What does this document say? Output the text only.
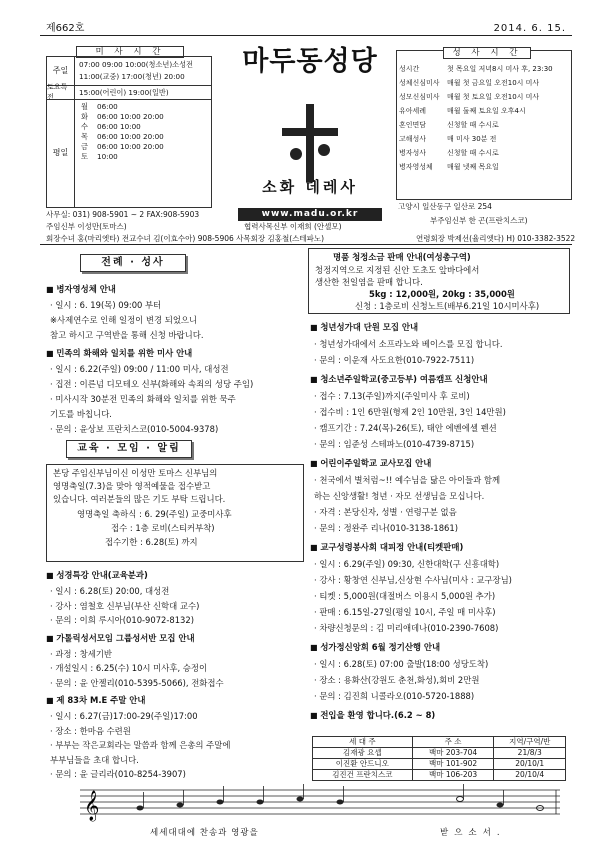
제662호	2014. 6. 15.
미 사 시 간
주일
07:00 09:00 10:00(청소년)소성전
11:00(교중) 17:00(청년) 20:00
토요특전	15:00(어린이) 19:00(일반)
평일
월 06:00
화 06:00 10:00 20:00
수 06:00 10:00
목 06:00 10:00 20:00
금 06:00 10:00 20:00
토 10:00
마두동성당
소화 데레사
www.madu.or.kr
성 사 시 간
성시간	첫 목요일 저녁8시 미사 후, 23:30
성체신심미사	매월 첫 금요일 오전10시 미사
성모신심미사	매월 첫 토요일 오전10시 미사
유아세례	매월 둘째 토요일 오후4시
혼인면담	신청할 때 수시로
고해성사	매 미사 30분 전
병자성사	신청할 때 수시로
병자영성체	매월 넷째 목요일
고양시 일산동구 일산로 254
부주임신부 한 곤(프란치스코)
사무실: 031) 908-5901 ~ 2 FAX:908-5903
주임신부 이성만(토마스)	협력사목신부 이재희 (안셀모)
회장수녀 홍(마리엣타) 전교수녀 김(이효수아) 908-5906 사목회장 김홍철(스테파노)	연령회장 박제선(율리엣다) H) 010-3382-3522
전례 · 성사
■ 병자영성체 안내
· 일시 : 6. 19(목) 09:00 부터
※사제연수로 인해 일정이 변경 되었으니
참고 하시고 구역반을 통해 신청 바랍니다.
■ 민족의 화해와 일치를 위한 미사 안내
· 일시 : 6.22(주일) 09:00 / 11:00 미사, 대성전
· 집전 : 이른넘 디모테오 신부(화해와 속죄의 성당 주임)
· 미사시작 30분전 민족의 화해와 일치를 위한 묵주
기도를 바칩니다.
· 문의 : 윤상보 프란치스코(010-5004-9378)
교육 · 모임 · 알림
본당 주임신부님이신 이성만 토마스 신부님의
영명축일(7.3)을 맞아 영적예물을 접수받고
있습니다. 여러분들의 많은 기도 부탁 드립니다.
영명축일 축하식 : 6. 29(주일) 교중미사후
접수 : 1층 로비(스티커부착)
접수기한 : 6.28(토) 까지
■ 성경특강 안내(교육분과)
· 일시 : 6.28(토) 20:00, 대성전
· 강사 : 염철호 신부님(부산 신학대 교수)
· 문의 : 이희 루시아(010-9072-8132)
■ 가톨릭성서모임 그룹성서반 모집 안내
· 과정 : 창세기반
· 개설일시 : 6.25(수) 10시 미사후, 승정이
· 문의 : 윤 안젤리(010-5395-5066), 전화접수
■ 제 83차 M.E 주말 안내
· 일시 : 6.27(금)17:00-29(주일)17:00
· 장소 : 한마음 수련원
· 부부는 작은교회라는 말씀과 함께 은총의 주말에
부부님들을 초대 합니다.
· 문의 : 윤 글리라(010-8254-3907)
명품 청정소금 판매 안내(여성총구역)
청정지역으로 지정된 신안 도초도 앞바다에서
생산한 천일염을 판매 합니다.
5kg : 12,000원, 20kg : 35,000원
신청 : 1층로비 신청노트(배부6.21일 10시미사후)
■ 청년성가대 단원 모집 안내
· 청년성가대에서 소프라노와 베이스를 모집 합니다.
· 문의 : 이운재 사도요한(010-7922-7511)
■ 청소년주일학교(중고등부) 여름캠프 신청안내
· 접수 : 7.13(주일)까지(주일미사 후 로비)
· 접수비 : 1인 6만원(형제 2인 10만원, 3인 14만원)
· 캠프기간 : 7.24(목)-26(토), 태안 에벤에셀 펜션
· 문의 : 임준성 스테파노(010-4739-8715)
■ 어린이주일학교 교사모집 안내
· 천국에서 별처럼~!! 예수님을 닮은 아이들과 함께
하는 신앙생활! 청년 · 자모 선생님을 모십니다.
· 자격 : 본당신자, 성별 · 연령구분 없음
· 문의 : 정완주 리나(010-3138-1861)
■ 교구성령봉사회 대피정 안내(티켓판매)
· 일시 : 6.29(주일) 09:30, 신한대학(구 신흥대학)
· 강사 : 황창연 신부님,신상현 수사님(미사 : 교구장님)
· 티켓 : 5,000원(대절버스 이용시 5,000원 추가)
· 판매 : 6.15일-27일(평일 10시, 주일 매 미사후)
· 차량신청문의 : 김 미리애데나(010-2390-7608)
■ 성가정신앙회 6월 정기산행 안내
· 일시 : 6.28(토) 07:00 출발(18:00 성당도착)
· 장소 : 용화산(강원도 춘천,화성),회비 2만원
· 문의 : 김진희 니콜라오(010-5720-1888)
■ 전입을 환영 합니다.(6.2 ~ 8)
세 대 주	주 소	지역/구역/반
김재광 요셉	백마 203-704	21/8/3
이진환 안드니오	백마 101-902	20/10/1
김진건 프란치스코	백마 106-203	20/10/4
𝄞
세세대대에 찬송과 영광을	받으소서.
